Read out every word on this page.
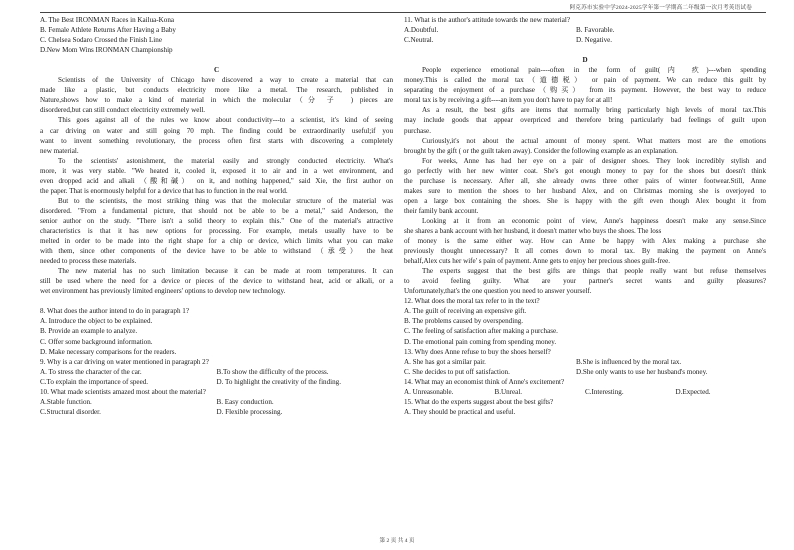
阿克苏市实验中学2024-2025学年第一学期高二年级第一次月考英语试卷
A. The Best IRONMAN Races in Kailua-Kona
B. Female Athlete Returns After Having a Baby
C. Chelsea Sodaro Crossed the Finish Line
D.New Mom Wins IRONMAN Championship
C
Scientists of the University of Chicago have discovered a way to create a material that can
made like a plastic, but conducts electricity more like a metal. The research, published in
Nature,shows how to make a kind of material in which the molecular（分 子　) pieces are
disordered,but can still conduct electricity extremely well.
This goes against all of the rules we know about conductivity---to a scientist, it's kind of seeing
a car driving on water and still going 70 mph. The finding could be extraordinarily useful;if you
want to invent something revolutionary, the process often first starts with discovering a completely
new material.
To the scientists' astonishment, the material easily and strongly conducted electricity. What's
more, it was very stable. "We heated it, cooled it, exposed it to air and in a wet environment, and
even dropped acid and alkali （酸和碱） on it, and nothing happened," said Xie, the first author on
the paper. That is enormously helpful for a device that has to function in the real world.
But to the scientists, the most striking thing was that the molecular structure of the material was
disordered. "From a fundamental picture, that should not be able to be a metal," said Anderson, the
senior author on the study. "There isn't a solid theory to explain this." One of the material's attractive
characteristics is that it has new options for processing. For example, metals usually have to be
melted in order to be made into the right shape for a chip or device, which limits what you can make
with them, since other components of the device have to be able to withstand （承受） the heat
needed to process these materials.
The new material has no such limitation because it can be made at room temperatures. It can
still be used where the need for a device or pieces of the device to withstand heat, acid or alkali, or a
wet environment has previously limited engineers' options to develop new technology.
8. What does the author intend to do in paragraph 1?
A. Introduce the object to be explained.
B. Provide an example to analyze.
C. Offer some background information.
D. Make necessary comparisons for the readers.
9. Why is a car driving on water mentioned in paragraph 2?
A. To stress the character of the car.	B.To show the difficulty of the process.
C.To explain the importance of speed.	D. To highlight the creativity of the finding.
10. What made scientists amazed most about the material?
A.Stable function.	B. Easy conduction.
C.Structural disorder.	D. Flexible processing.
11. What is the author's attitude towards the new material?
A.Doubtful.	B. Favorable.
C.Neutral.	D. Negative.
D
People experience emotional pain----often in the form of guilt(内 疚)---when spending
money.This is called the moral tax（道德税） or pain of payment. We can reduce this guilt by
separating the enjoyment of a purchase（购买） from its payment. However, the best way to reduce
moral tax is by receiving a gift----an item you don't have to pay for at all!
As a result, the best gifts are items that normally bring particularly high levels of moral tax.This
may include goods that appear overpriced and therefore bring particularly bad feelings of guilt upon
purchase.
Curiously,it's not about the actual amount of money spent. What matters most are the emotions
brought by the gift ( or the guilt taken away). Consider the following example as an explanation.
For weeks, Anne has had her eye on a pair of designer shoes. They look incredibly stylish and
go perfectly with her new winter coat. She's got enough money to pay for the shoes but doesn't think
the purchase is necessary. After all, she already owns three other pairs of winter footwear.Still, Anne
makes sure to mention the shoes to her husband Alex, and on Christmas morning she is overjoyed to
open a large box containing the shoes. She is happy with the gift even though Alex bought it from
their family bank account.
Looking at it from an economic point of view, Anne's happiness doesn't make any sense.Since
she shares a bank account with her husband, it doesn't matter who buys the shoes. The loss
of money is the same either way. How can Anne be happy with Alex making a purchase she
previously thought unnecessary? It all comes down to moral tax. By making the payment on Anne's
behalf,Alex cuts her wife' s pain of payment. Anne gets to enjoy her precious shoes guilt-free.
The experts suggest that the best gifts are things that people really want but refuse themselves
to avoid feeling guilty. What are your partner's secret wants and guilty pleasures?
Unfortunately,that's the one question you need to answer yourself.
12. What does the moral tax refer to in the text?
A. The guilt of receiving an expensive gift.
B. The problems caused by overspending.
C. The feeling of satisfaction after making a purchase.
D. The emotional pain coming from spending money.
13. Why does Anne refuse to buy the shoes herself?
A. She has got a similar pair.	B.She is influenced by the moral tax.
C. She decides to put off satisfaction.	D.She only wants to use her husband's money.
14. What may an economist think of Anne's excitement?
A. Unreasonable.	B.Unreal.	C.Interesting.	D.Expected.
15. What do the experts suggest about the best gifts?
A. They should be practical and useful.
第 2 页 共 4 页
